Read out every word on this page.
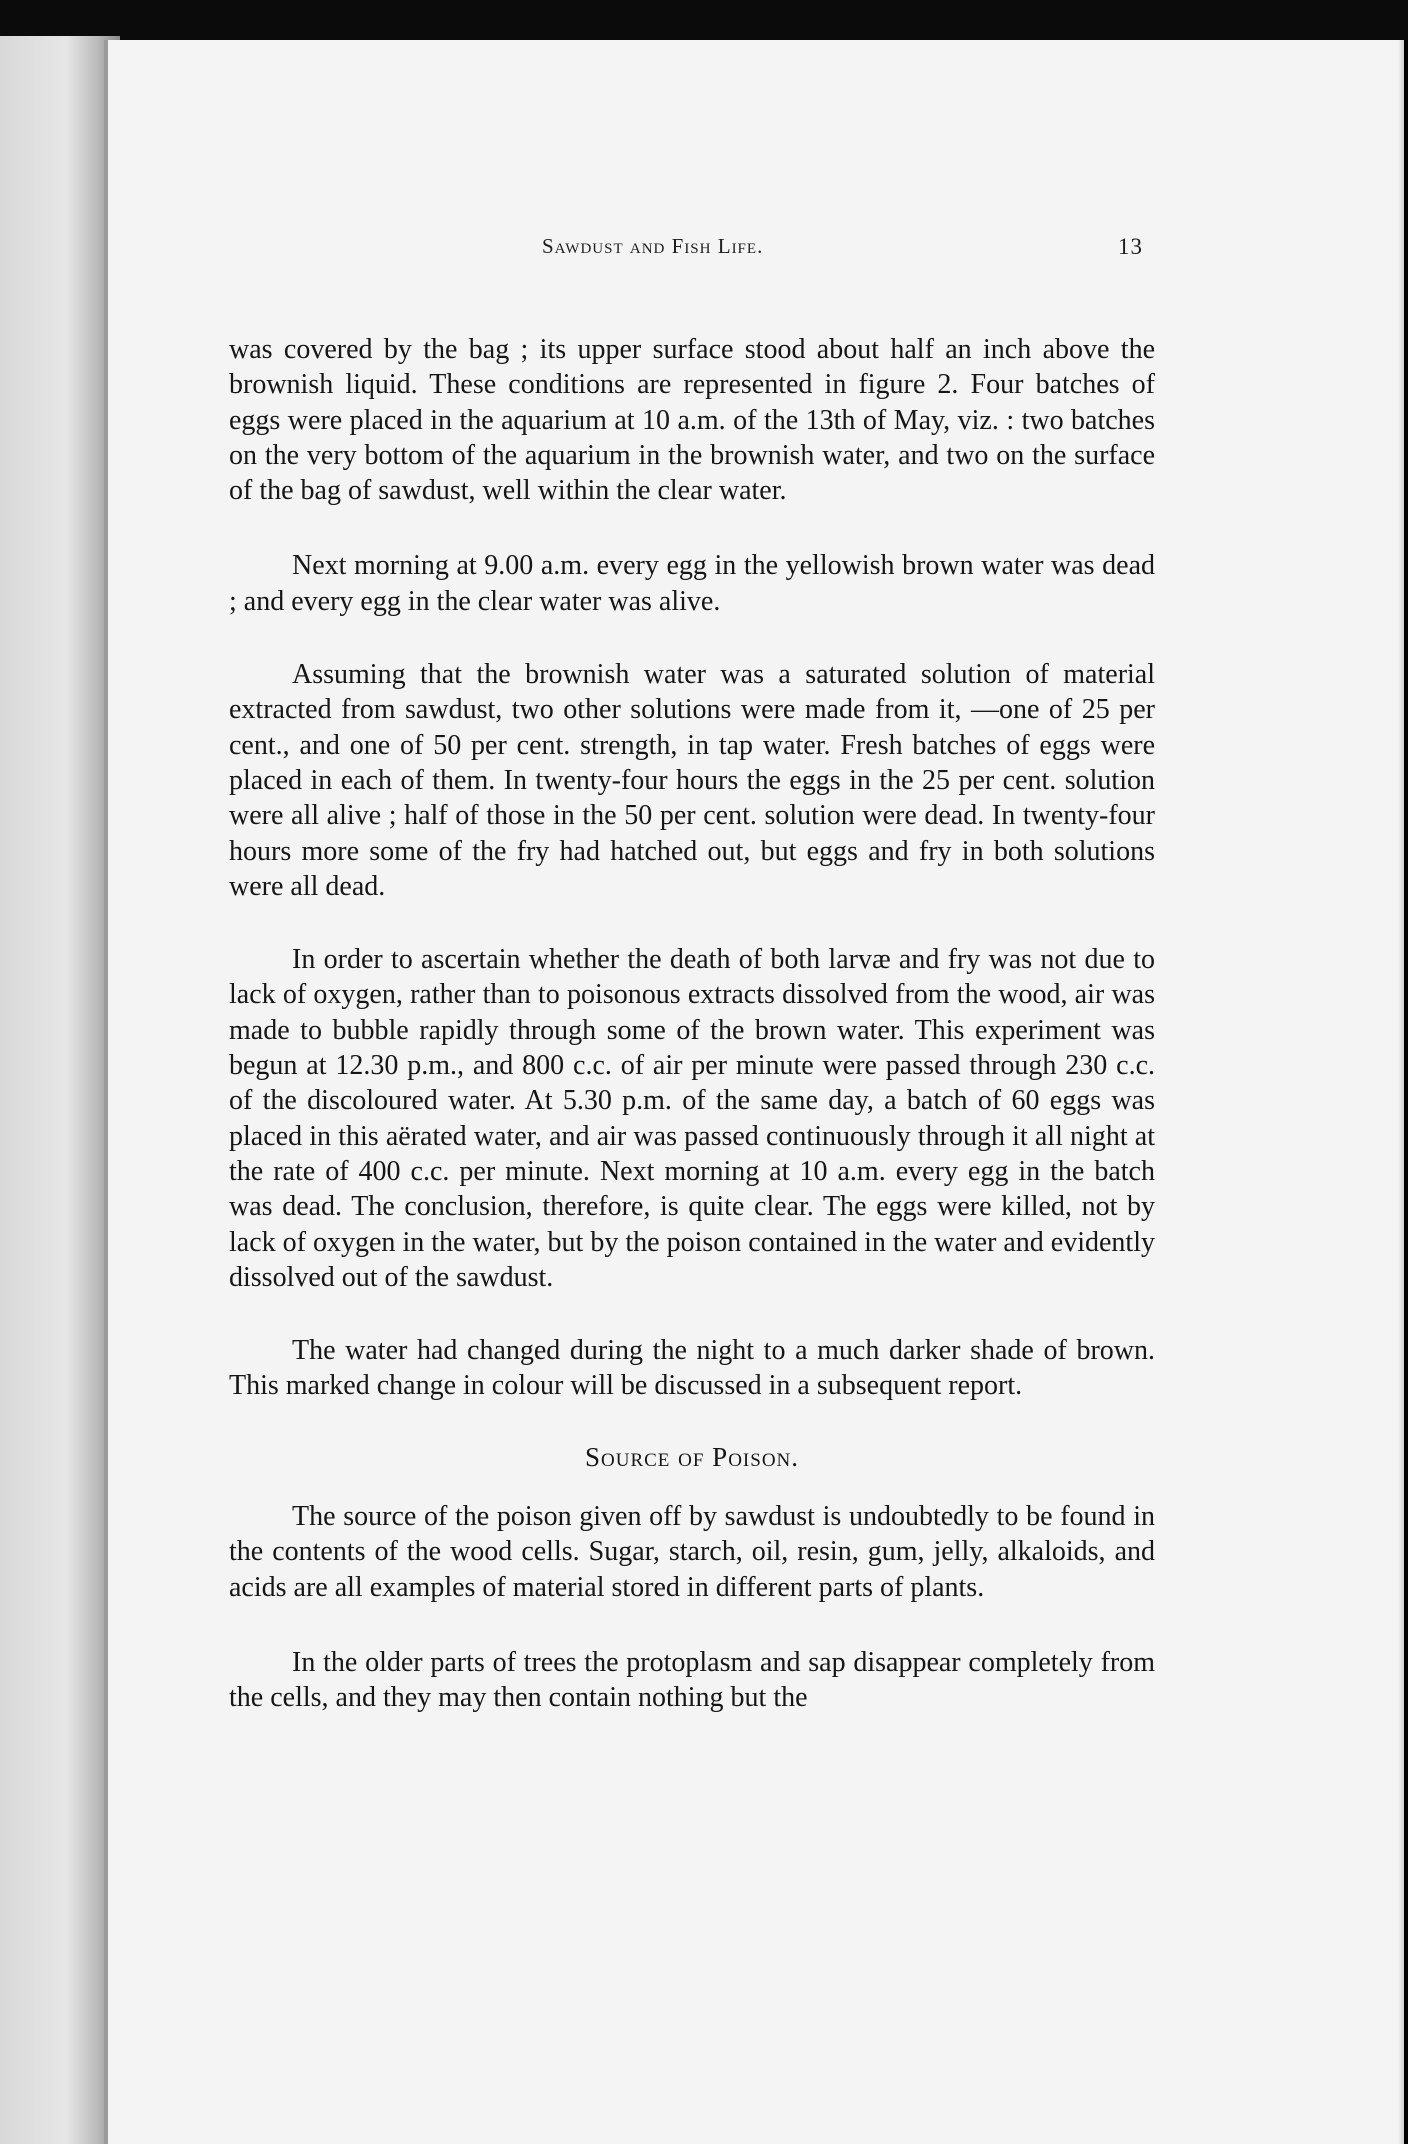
Sawdust and Fish Life.	13

was covered by the bag ; its upper surface stood about half an inch above the brownish liquid. These conditions are represented in figure 2. Four batches of eggs were placed in the aquarium at 10 a.m. of the 13th of May, viz. : two batches on the very bottom of the aquarium in the brownish water, and two on the surface of the bag of sawdust, well within the clear water.

Next morning at 9.00 a.m. every egg in the yellowish brown water was dead ; and every egg in the clear water was alive.

Assuming that the brownish water was a saturated solution of material extracted from sawdust, two other solutions were made from it, —one of 25 per cent., and one of 50 per cent. strength, in tap water. Fresh batches of eggs were placed in each of them. In twenty-four hours the eggs in the 25 per cent. solution were all alive ; half of those in the 50 per cent. solution were dead. In twenty-four hours more some of the fry had hatched out, but eggs and fry in both solutions were all dead.

In order to ascertain whether the death of both larvæ and fry was not due to lack of oxygen, rather than to poisonous extracts dissolved from the wood, air was made to bubble rapidly through some of the brown water. This experiment was begun at 12.30 p.m., and 800 c.c. of air per minute were passed through 230 c.c. of the discoloured water. At 5.30 p.m. of the same day, a batch of 60 eggs was placed in this aërated water, and air was passed continuously through it all night at the rate of 400 c.c. per minute. Next morning at 10 a.m. every egg in the batch was dead. The conclusion, therefore, is quite clear. The eggs were killed, not by lack of oxygen in the water, but by the poison contained in the water and evidently dissolved out of the sawdust.

The water had changed during the night to a much darker shade of brown. This marked change in colour will be discussed in a subsequent report.

Source of Poison.

The source of the poison given off by sawdust is undoubtedly to be found in the contents of the wood cells. Sugar, starch, oil, resin, gum, jelly, alkaloids, and acids are all examples of material stored in different parts of plants.

In the older parts of trees the protoplasm and sap disappear completely from the cells, and they may then contain nothing but the
